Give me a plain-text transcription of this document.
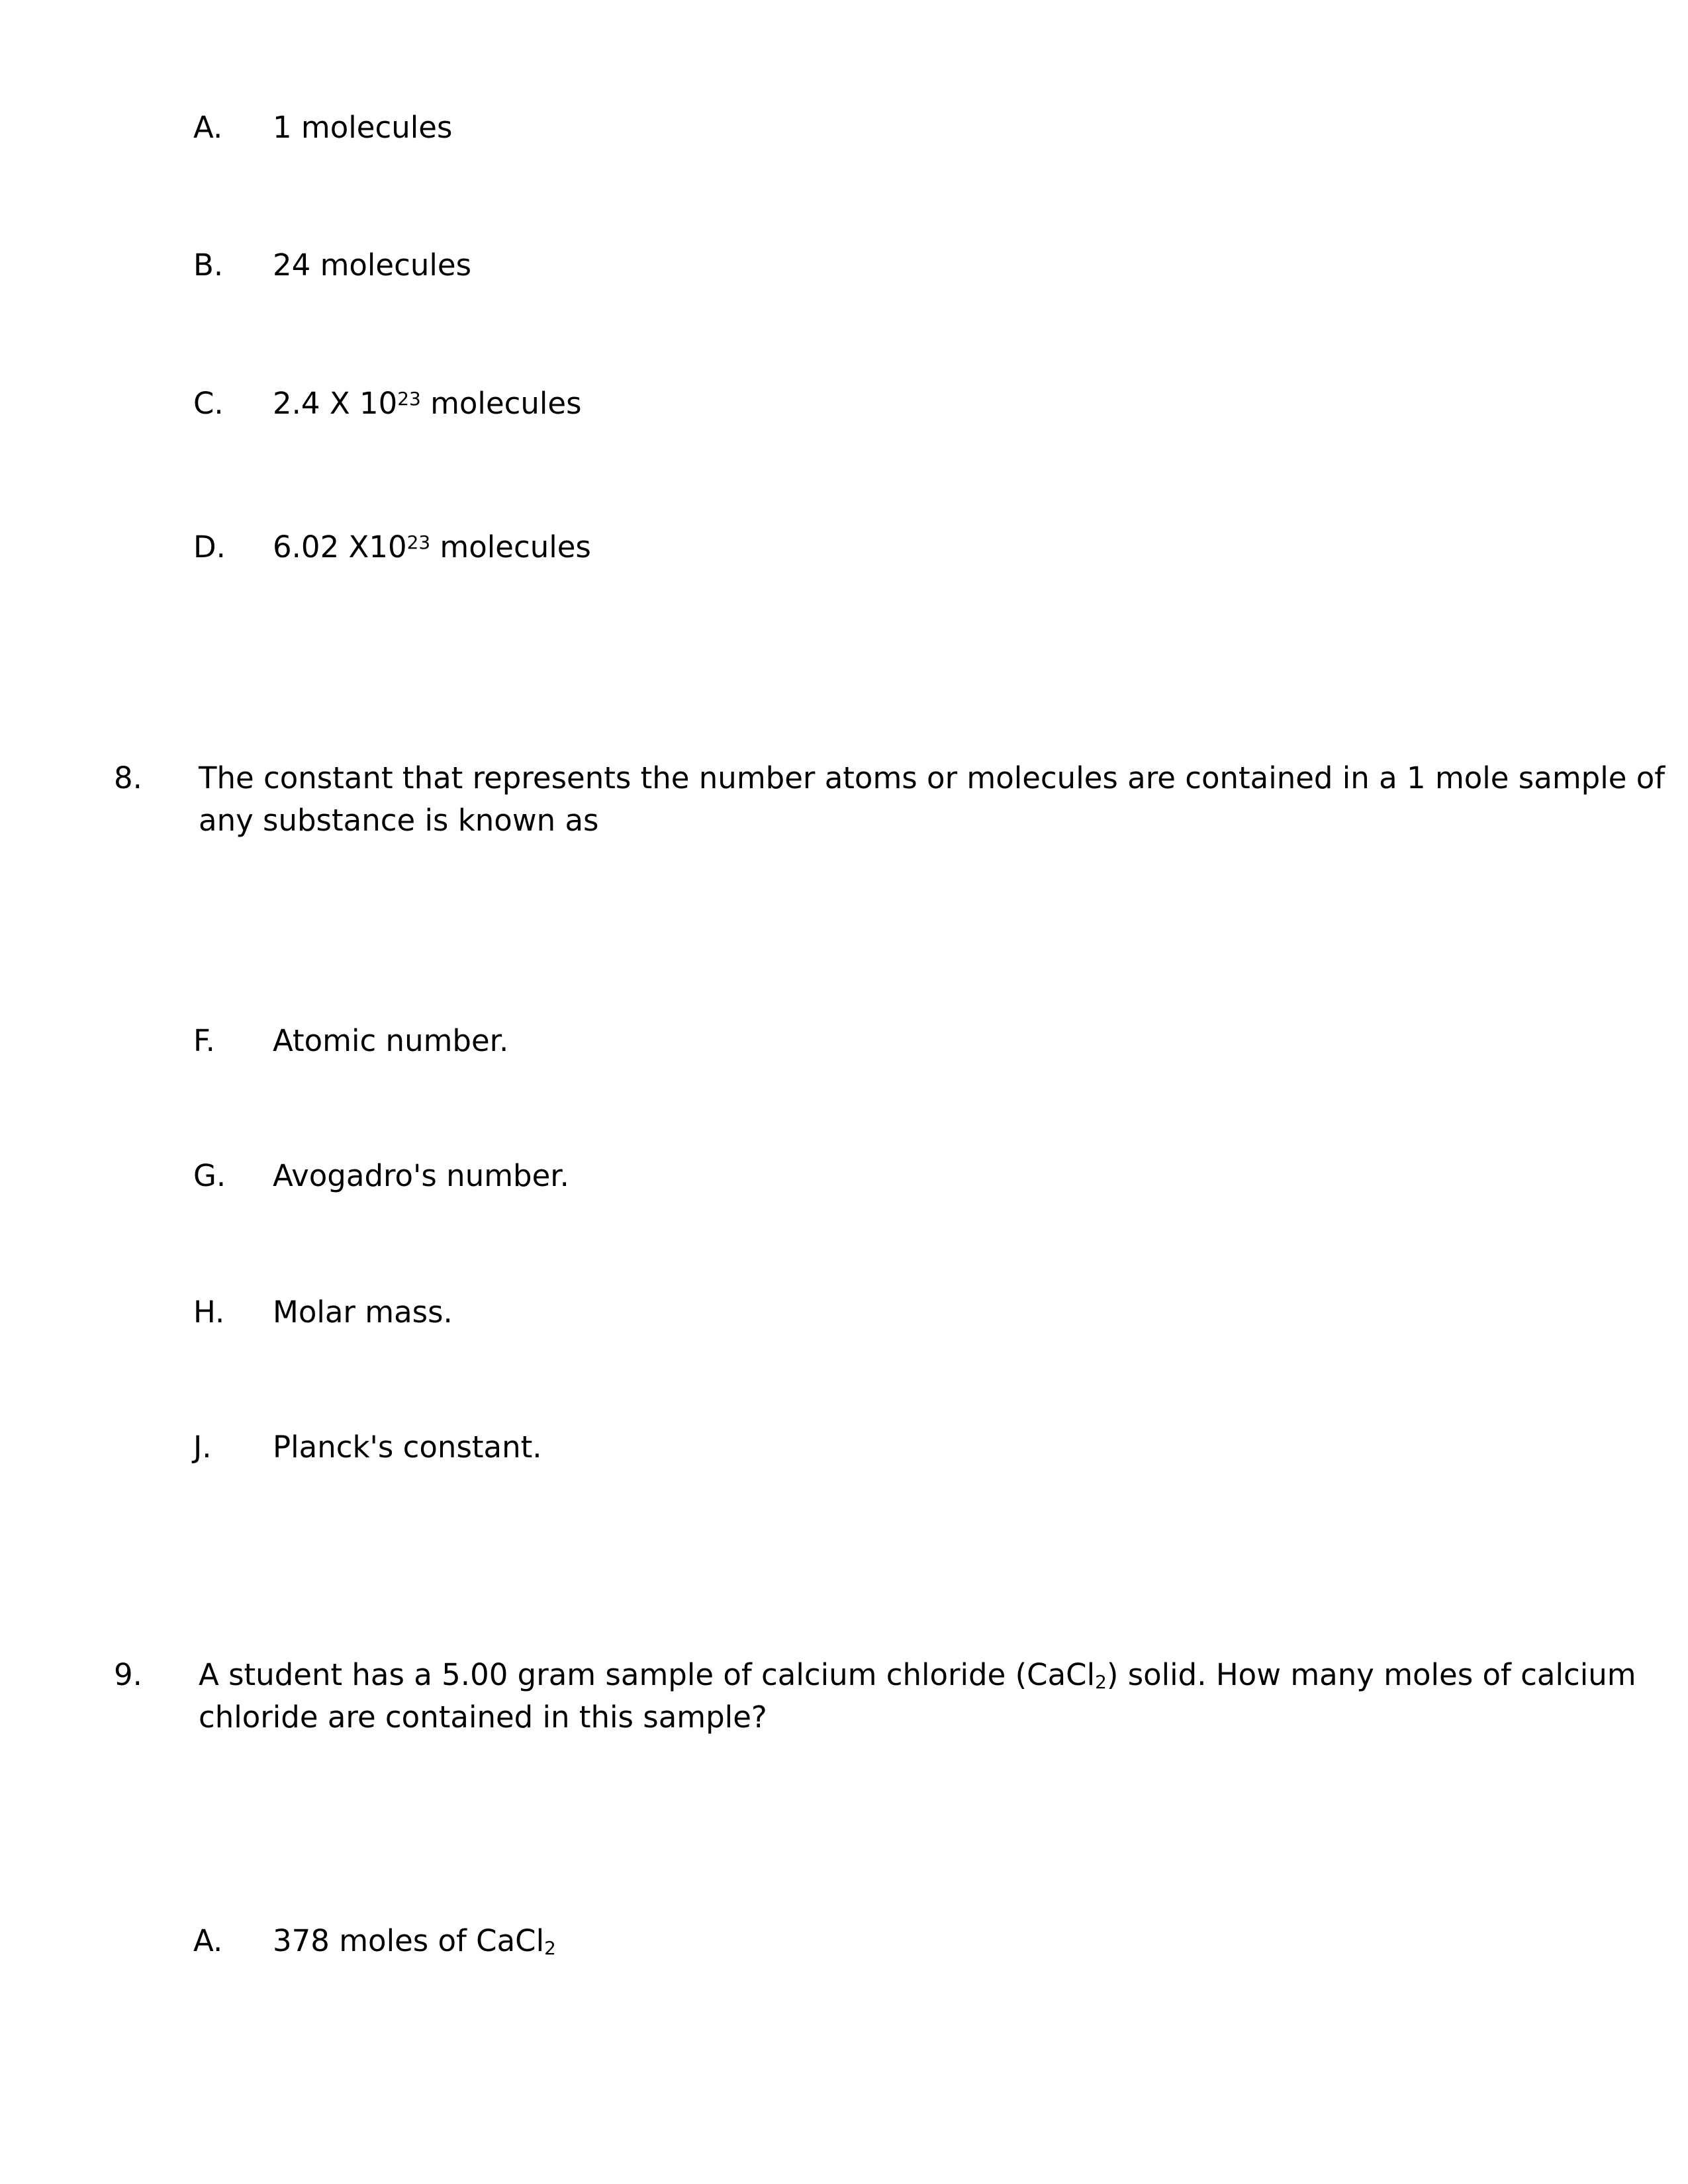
A. 1 molecules
B. 24 molecules
C. 2.4 X $10^{23}$ molecules
D. 6.02 $X10^{23}$ molecules
8. The constant that represents the number atoms or molecules are contained in a 1 mole sample of
any substance is known as
F. Atomic number.
G. Avogadro's number.
H. Molar mass.
J. Planck's constant.
9. A student has a 5.00 gram sample of calcium chloride (CaCl$_2$) solid. How many moles of calcium
chloride are contained in this sample?
A. 378 moles of CaCl$_2$
